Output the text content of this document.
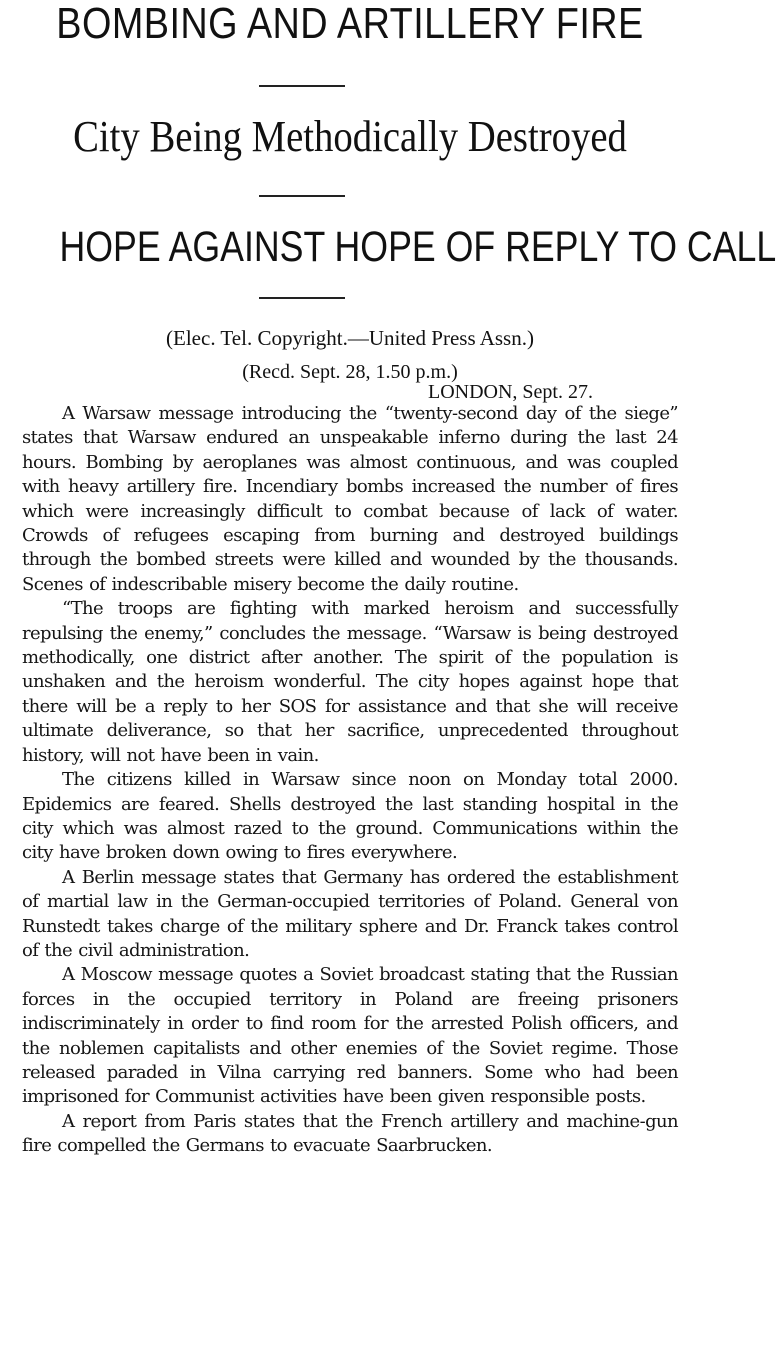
BOMBING AND ARTILLERY FIRE
City Being Methodically Destroyed
HOPE AGAINST HOPE OF REPLY TO CALL
(Elec. Tel. Copyright.—United Press Assn.)
(Recd. Sept. 28, 1.50 p.m.)
LONDON, Sept. 27.

A Warsaw message introducing the “twenty-second day of the siege” states that Warsaw endured an unspeakable inferno during the last 24 hours. Bombing by aeroplanes was almost continuous, and was coupled with heavy artillery fire. Incendiary bombs increased the number of fires which were increasingly difficult to combat because of lack of water. Crowds of refugees escaping from burning and destroyed buildings through the bombed streets were killed and wounded by the thousands. Scenes of indescribable misery become the daily routine.

“The troops are fighting with marked heroism and successfully repulsing the enemy,” concludes the message. “Warsaw is being destroyed methodically, one district after another. The spirit of the population is unshaken and the heroism wonderful. The city hopes against hope that there will be a reply to her SOS for assistance and that she will receive ultimate deliverance, so that her sacrifice, unprecedented throughout history, will not have been in vain.

The citizens killed in Warsaw since noon on Monday total 2000. Epidemics are feared. Shells destroyed the last standing hospital in the city which was almost razed to the ground. Communications within the city have broken down owing to fires everywhere.

A Berlin message states that Germany has ordered the establishment of martial law in the German-occupied territories of Poland. General von Runstedt takes charge of the military sphere and Dr. Franck takes control of the civil administration.

A Moscow message quotes a Soviet broadcast stating that the Russian forces in the occupied territory in Poland are freeing prisoners indiscriminately in order to find room for the arrested Polish officers, and the noblemen capitalists and other enemies of the Soviet regime. Those released paraded in Vilna carrying red banners. Some who had been imprisoned for Communist activities have been given responsible posts.

A report from Paris states that the French artillery and machine-gun fire compelled the Germans to evacuate Saarbrucken.
